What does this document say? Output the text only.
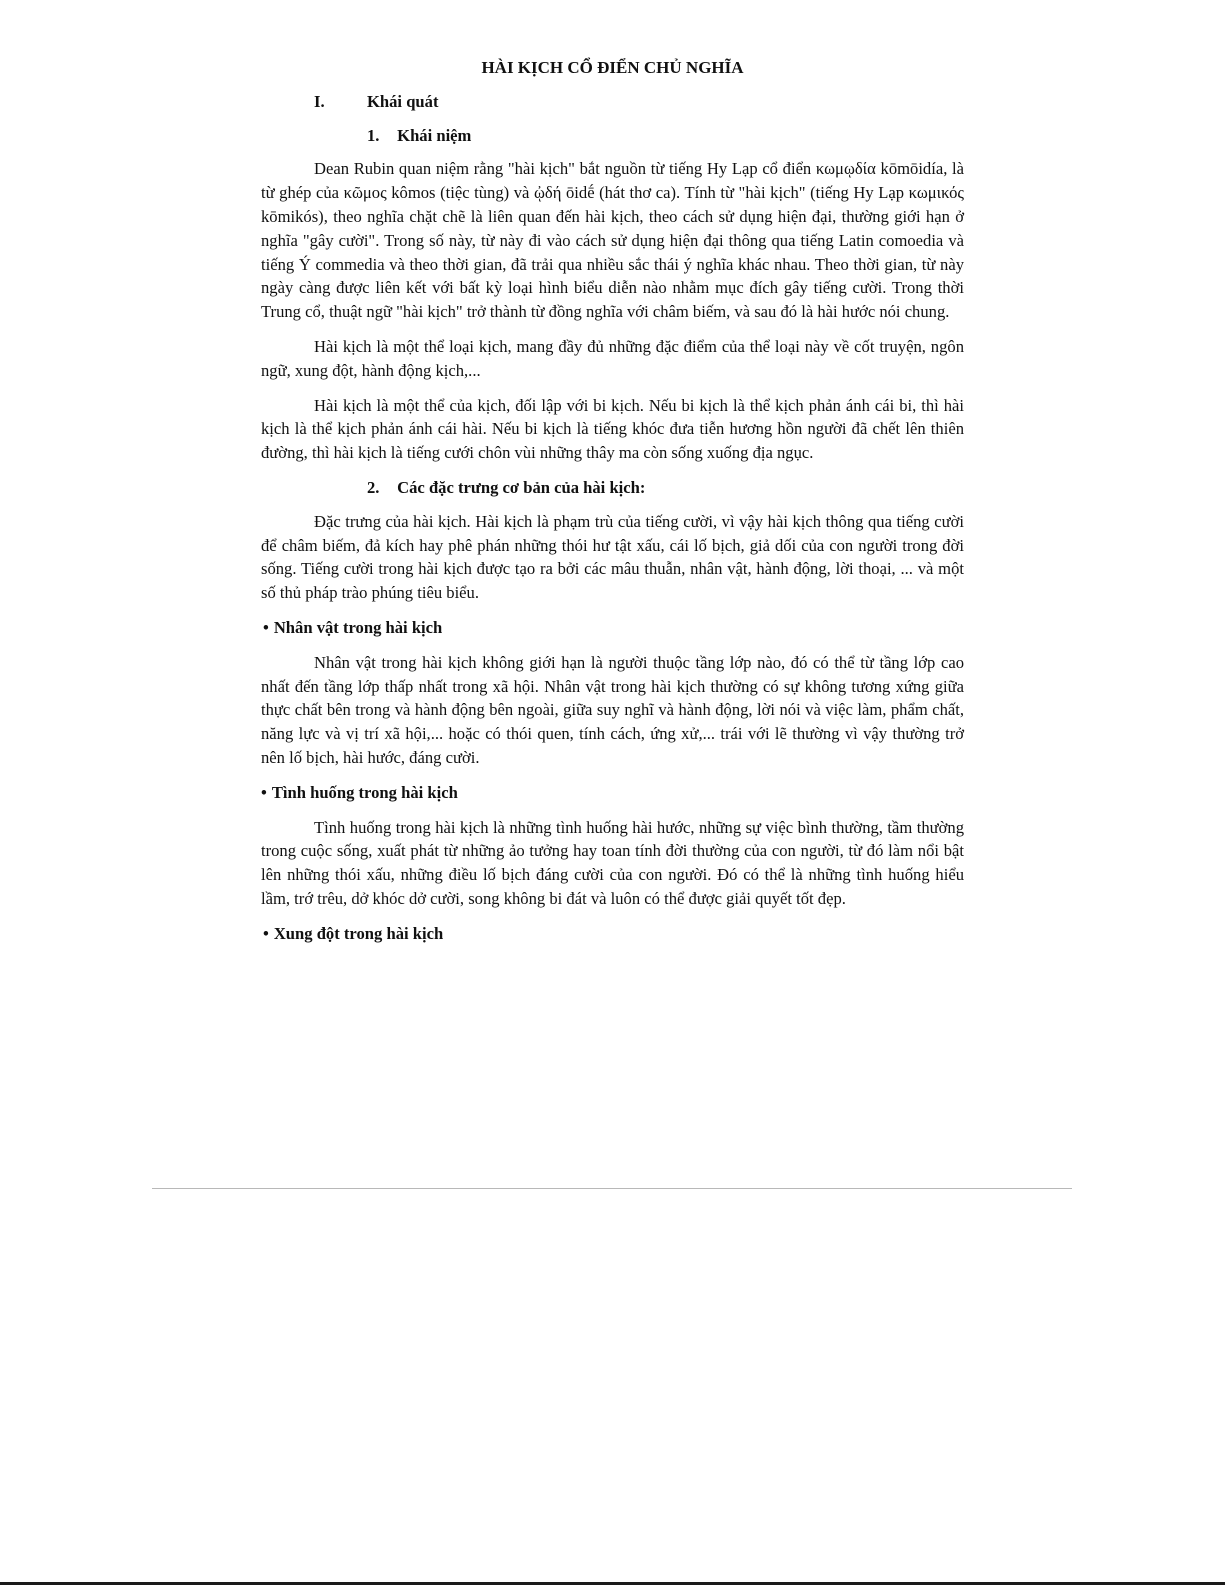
HÀI KỊCH CỔ ĐIỂN CHỦ NGHĨA
I.	Khái quát
1. Khái niệm

Dean Rubin quan niệm rằng "hài kịch" bắt nguồn từ tiếng Hy Lạp cổ điển κωμῳδία kōmōidía, là từ ghép của κῶμος kômos (tiệc tùng) và ᾠδή ōidḗ (hát thơ ca). Tính từ "hài kịch" (tiếng Hy Lạp κωμικός kōmikós), theo nghĩa chặt chẽ là liên quan đến hài kịch, theo cách sử dụng hiện đại, thường giới hạn ở nghĩa "gây cười". Trong số này, từ này đi vào cách sử dụng hiện đại thông qua tiếng Latin comoedia và tiếng Ý commedia và theo thời gian, đã trải qua nhiều sắc thái ý nghĩa khác nhau. Theo thời gian, từ này ngày càng được liên kết với bất kỳ loại hình biểu diễn nào nhằm mục đích gây tiếng cười. Trong thời Trung cổ, thuật ngữ "hài kịch" trở thành từ đồng nghĩa với châm biếm, và sau đó là hài hước nói chung.

Hài kịch là một thể loại kịch, mang đầy đủ những đặc điểm của thể loại này về cốt truyện, ngôn ngữ, xung đột, hành động kịch,...

Hài kịch là một thể của kịch, đối lập với bi kịch. Nếu bi kịch là thể kịch phản ánh cái bi, thì hài kịch là thể kịch phản ánh cái hài. Nếu bi kịch là tiếng khóc đưa tiễn hương hồn người đã chết lên thiên đường, thì hài kịch là tiếng cưới chôn vùi những thây ma còn sống xuống địa ngục.

2. Các đặc trưng cơ bản của hài kịch:

Đặc trưng của hài kịch. Hài kịch là phạm trù của tiếng cười, vì vậy hài kịch thông qua tiếng cười để châm biếm, đả kích hay phê phán những thói hư tật xấu, cái lố bịch, giả dối của con người trong đời sống. Tiếng cười trong hài kịch được tạo ra bởi các mâu thuẫn, nhân vật, hành động, lời thoại, ... và một số thủ pháp trào phúng tiêu biểu.

• Nhân vật trong hài kịch

Nhân vật trong hài kịch không giới hạn là người thuộc tầng lớp nào, đó có thể từ tầng lớp cao nhất đến tầng lớp thấp nhất trong xã hội. Nhân vật trong hài kịch thường có sự không tương xứng giữa thực chất bên trong và hành động bên ngoài, giữa suy nghĩ và hành động, lời nói và việc làm, phẩm chất, năng lực và vị trí xã hội,... hoặc có thói quen, tính cách, ứng xử,... trái với lẽ thường vì vậy thường trở nên lố bịch, hài hước, đáng cười.

• Tình huống trong hài kịch

Tình huống trong hài kịch là những tình huống hài hước, những sự việc bình thường, tầm thường trong cuộc sống, xuất phát từ những ảo tưởng hay toan tính đời thường của con người, từ đó làm nổi bật lên những thói xấu, những điều lố bịch đáng cười của con người. Đó có thể là những tình huống hiểu lầm, trớ trêu, dở khóc dở cười, song không bi đát và luôn có thể được giải quyết tốt đẹp.

• Xung đột trong hài kịch
